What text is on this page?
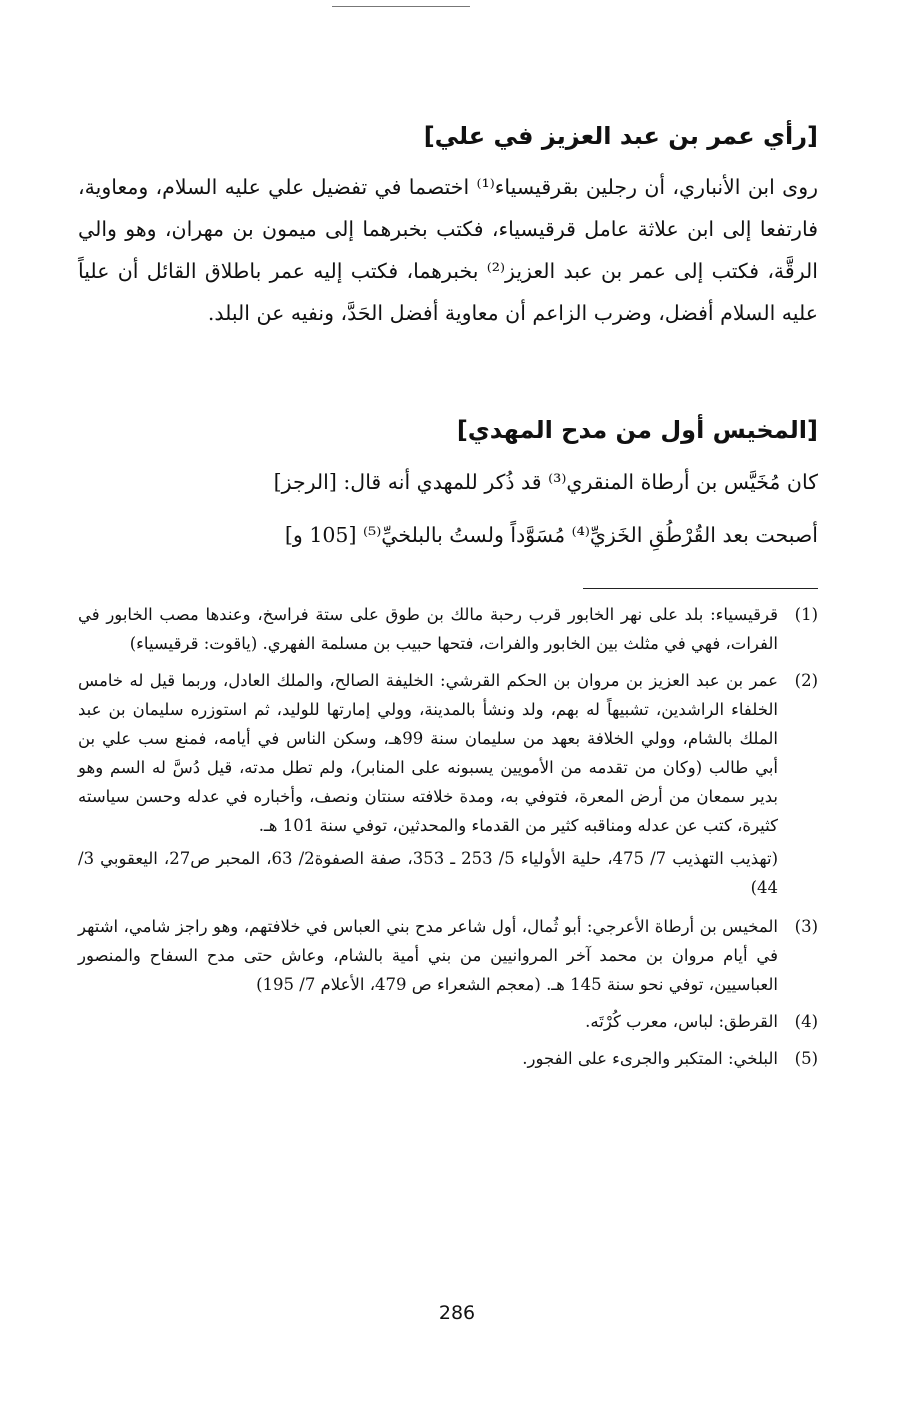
[رأي عمر بن عبد العزيز في علي]

روى ابن الأنباري، أن رجلين بقرقيسياء⁽¹⁾ اختصما في تفضيل علي عليه السلام، ومعاوية، فارتفعا إلى ابن علاثة عامل قرقيسياء، فكتب بخبرهما إلى ميمون بن مهران، وهو والي الرقَّة، فكتب إلى عمر بن عبد العزيز⁽²⁾ بخبرهما، فكتب إليه عمر باطلاق القائل أن علياً عليه السلام أفضل، وضرب الزاعم أن معاوية أفضل الحَدَّ، ونفيه عن البلد.

[المخيس أول من مدح المهدي]

كان مُخَيَّس بن أرطاة المنقري⁽³⁾ قد ذُكر للمهدي أنه قال: [الرجز]

أصبحت بعد القُرْطُقِ الخَزيِّ⁽⁴⁾ مُسَوَّداً ولستُ بالبلخيِّ⁽⁵⁾ [105 و]

(1)
قرقيسياء: بلد على نهر الخابور قرب رحبة مالك بن طوق على ستة فراسخ، وعندها مصب الخابور في الفرات، فهي في مثلث بين الخابور والفرات، فتحها حبيب بن مسلمة الفهري. (ياقوت: قرقيسياء)
(2)
عمر بن عبد العزيز بن مروان بن الحكم القرشي: الخليفة الصالح، والملك العادل، وربما قيل له خامس الخلفاء الراشدين، تشبيهاً له بهم، ولد ونشأ بالمدينة، وولي إمارتها للوليد، ثم استوزره سليمان بن عبد الملك بالشام، وولي الخلافة بعهد من سليمان سنة 99هـ، وسكن الناس في أيامه، فمنع سب علي بن أبي طالب (وكان من تقدمه من الأمويين يسبونه على المنابر)، ولم تطل مدته، قيل دُسَّ له السم وهو بدير سمعان من أرض المعرة، فتوفي به، ومدة خلافته سنتان ونصف، وأخباره في عدله وحسن سياسته كثيرة، كتب عن عدله ومناقبه كثير من القدماء والمحدثين، توفي سنة 101 هـ.
(تهذيب التهذيب 7/ 475، حلية الأولياء 5/ 253 ـ 353، صفة الصفوة2/ 63، المحبر ص27، اليعقوبي 3/ 44)
(3)
المخيس بن أرطاة الأعرجي: أبو ثُمال، أول شاعر مدح بني العباس في خلافتهم، وهو راجز شامي، اشتهر في أيام مروان بن محمد آخر المروانيين من بني أمية بالشام، وعاش حتى مدح السفاح والمنصور العباسيين، توفي نحو سنة 145 هـ. (معجم الشعراء ص 479، الأعلام 7/ 195)
(4)
القرطق: لباس، معرب كُرْتَه.
(5)
البلخي: المتكبر والجرىء على الفجور.
286
